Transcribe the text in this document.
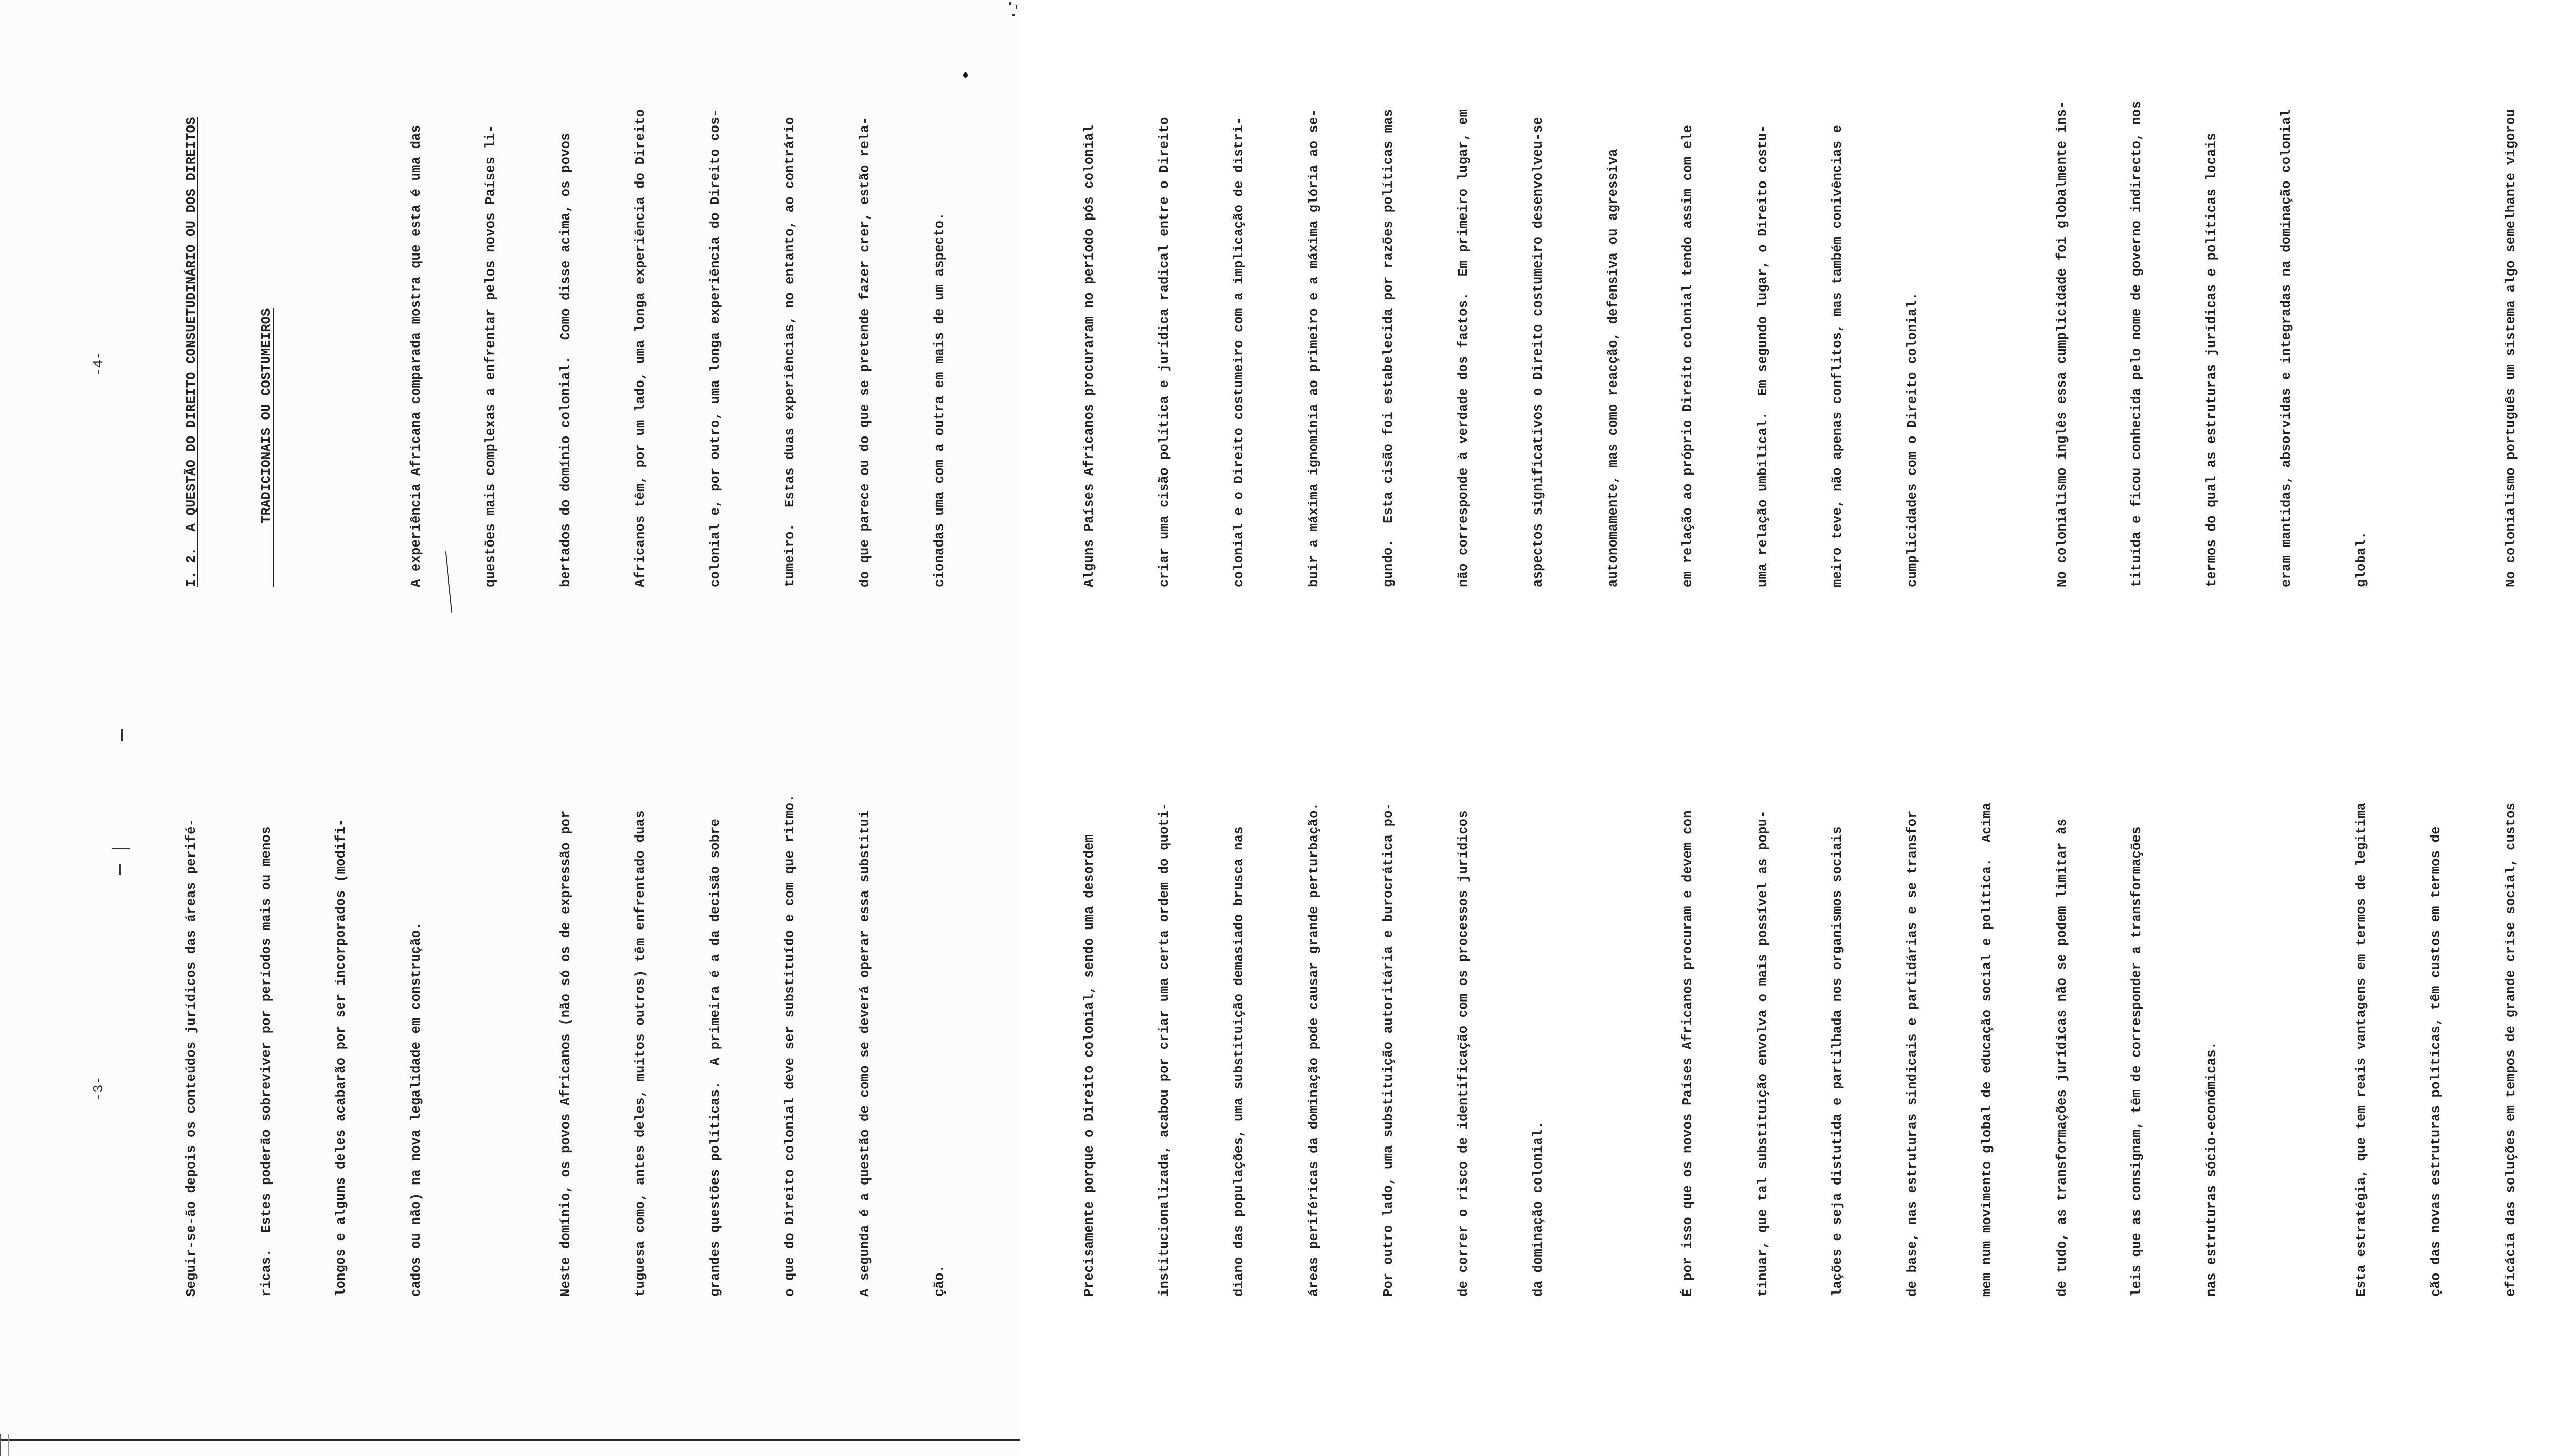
-3-

	Seguir-se-ão depois os conteúdos jurídicos das áreas perifé-

	ricas.  Estes poderão sobreviver por períodos mais ou menos

	longos e alguns deles acabarão por ser incorporados (modifi-

	cados ou não) na nova legalidade em construção.

	Neste domínio, os povos Africanos (não só os de expressão por

	tuguesa como, antes deles, muitos outros) têm enfrentado duas

	grandes questões políticas.  A primeira é a da decisão sobre

	o que do Direito colonial deve ser substituído e com que ritmo.

	A segunda é a questão de como se deverá operar essa substitui

	ção.

	Precisamente porque o Direito colonial, sendo uma desordem

	institucionalizada, acabou por criar uma certa ordem do quoti-

	diano das populações, uma substituição demasiado brusca nas

	áreas periféricas da dominação pode causar grande perturbação.

	Por outro lado, uma substituição autoritária e burocrática po-

	de correr o risco de identificação com os processos jurídicos

	da dominação colonial.

	É por isso que os novos Países Africanos procuram e devem con

	tinuar, que tal substituição envolva o mais possível as popu-

	lações e seja distutida e partilhada nos organismos sociais

	de base, nas estruturas sindicais e partidárias e se transfor

	mem num movimento global de educação social e política.  Acima

	de tudo, as transformações jurídicas não se podem limitar às

	leis que as consignam, têm de corresponder a transformações

	nas estruturas sócio-económicas.

	Esta estratégia, que tem reais vantagens em termos de legitima

	ção das novas estruturas políticas, têm custos em termos de

	eficácia das soluções em tempos de grande crise social, custos

-4-

	I. 2.  A QUESTÃO DO DIREITO CONSUETUDINÁRIO OU DOS DIREITOS

	TRADICIONAIS OU COSTUMEIROS

	A experiência Africana comparada mostra que esta é uma das

	questões mais complexas a enfrentar pelos novos Países li-

	bertados do domínio colonial.  Como disse acima, os povos

	Africanos têm, por um lado, uma longa experiência do Direito

	colonial e, por outro, uma longa experiência do Direito cos-

	tumeiro.  Estas duas experiências, no entanto, ao contrário

	do que parece ou do que se pretende fazer crer, estão rela-

	cionadas uma com a outra em mais de um aspecto.

	Alguns Países Africanos procuraram no período pós colonial

	criar uma cisão política e jurídica radical entre o Direito

	colonial e o Direito costumeiro com a implicação de distri-

	buir a máxima ignomínia ao primeiro e a máxima glória ao se-

	gundo.  Esta cisão foi estabelecida por razões políticas mas

	não corresponde à verdade dos factos.  Em primeiro lugar, em

	aspectos significativos o Direito costumeiro desenvolveu-se

	autonomamente, mas como reacção, defensiva ou agressiva

	em relação ao próprio Direito colonial tendo assim com ele

	uma relação umbilical.  Em segundo lugar, o Direito costu-

	meiro teve, não apenas conflitos, mas também conivências e

	cumplicidades com o Direito colonial.

	No colonialismo inglês essa cumplicidade foi globalmente ins-

	tituída e ficou conhecida pelo nome de governo indirecto, nos

	termos do qual as estruturas jurídicas e políticas locais

	eram mantidas, absorvidas e integradas na dominação colonial

	global.

	No colonialismo português um sistema algo semelhante vigorou
